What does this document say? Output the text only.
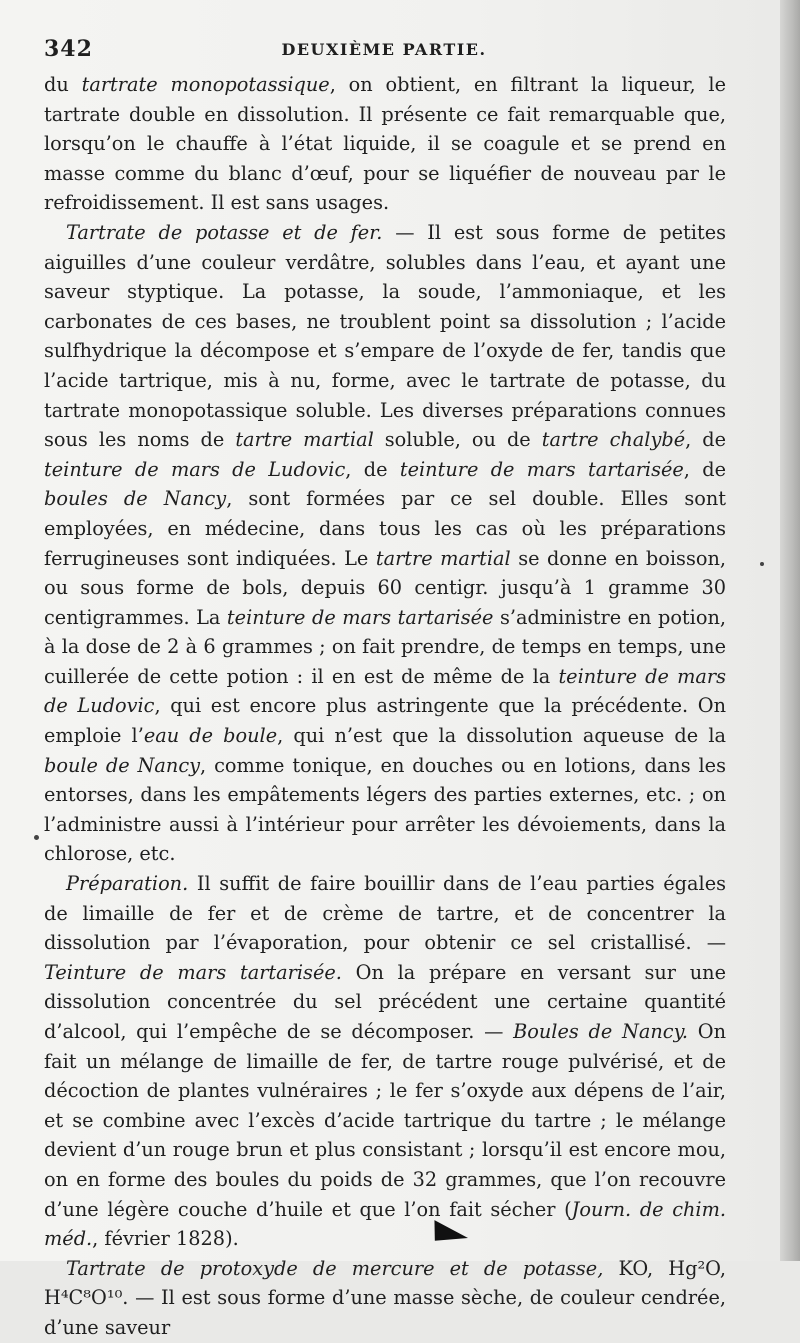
342	DEUXIÈME PARTIE.

du tartrate monopotassique, on obtient, en filtrant la liqueur, le tartrate double en dissolution. Il présente ce fait remarquable que, lorsqu’on le chauffe à l’état liquide, il se coagule et se prend en masse comme du blanc d’œuf, pour se liquéfier de nouveau par le refroidissement. Il est sans usages.

Tartrate de potasse et de fer. — Il est sous forme de petites aiguilles d’une couleur verdâtre, solubles dans l’eau, et ayant une saveur styptique. La potasse, la soude, l’ammoniaque, et les carbonates de ces bases, ne troublent point sa dissolution ; l’acide sulfhydrique la décompose et s’empare de l’oxyde de fer, tandis que l’acide tartrique, mis à nu, forme, avec le tartrate de potasse, du tartrate monopotassique soluble. Les diverses préparations connues sous les noms de tartre martial soluble, ou de tartre chalybé, de teinture de mars de Ludovic, de teinture de mars tartarisée, de boules de Nancy, sont formées par ce sel double. Elles sont employées, en médecine, dans tous les cas où les préparations ferrugineuses sont indiquées. Le tartre martial se donne en boisson, ou sous forme de bols, depuis 60 centigr. jusqu’à 1 gramme 30 centigrammes. La teinture de mars tartarisée s’administre en potion, à la dose de 2 à 6 grammes ; on fait prendre, de temps en temps, une cuillerée de cette potion : il en est de même de la teinture de mars de Ludovic, qui est encore plus astringente que la précédente. On emploie l’eau de boule, qui n’est que la dissolution aqueuse de la boule de Nancy, comme tonique, en douches ou en lotions, dans les entorses, dans les empâtements légers des parties externes, etc. ; on l’administre aussi à l’intérieur pour arrêter les dévoiements, dans la chlorose, etc.

Préparation. Il suffit de faire bouillir dans de l’eau parties égales de limaille de fer et de crème de tartre, et de concentrer la dissolution par l’évaporation, pour obtenir ce sel cristallisé. — Teinture de mars tartarisée. On la prépare en versant sur une dissolution concentrée du sel précédent une certaine quantité d’alcool, qui l’empêche de se décomposer. — Boules de Nancy. On fait un mélange de limaille de fer, de tartre rouge pulvérisé, et de décoction de plantes vulnéraires ; le fer s’oxyde aux dépens de l’air, et se combine avec l’excès d’acide tartrique du tartre ; le mélange devient d’un rouge brun et plus consistant ; lorsqu’il est encore mou, on en forme des boules du poids de 32 grammes, que l’on recouvre d’une légère couche d’huile et que l’on fait sécher (Journ. de chim. méd., février 1828).

Tartrate de protoxyde de mercure et de potasse, KO, Hg²O, H⁴C⁸O¹⁰. — Il est sous forme d’une masse sèche, de couleur cendrée, d’une saveur
